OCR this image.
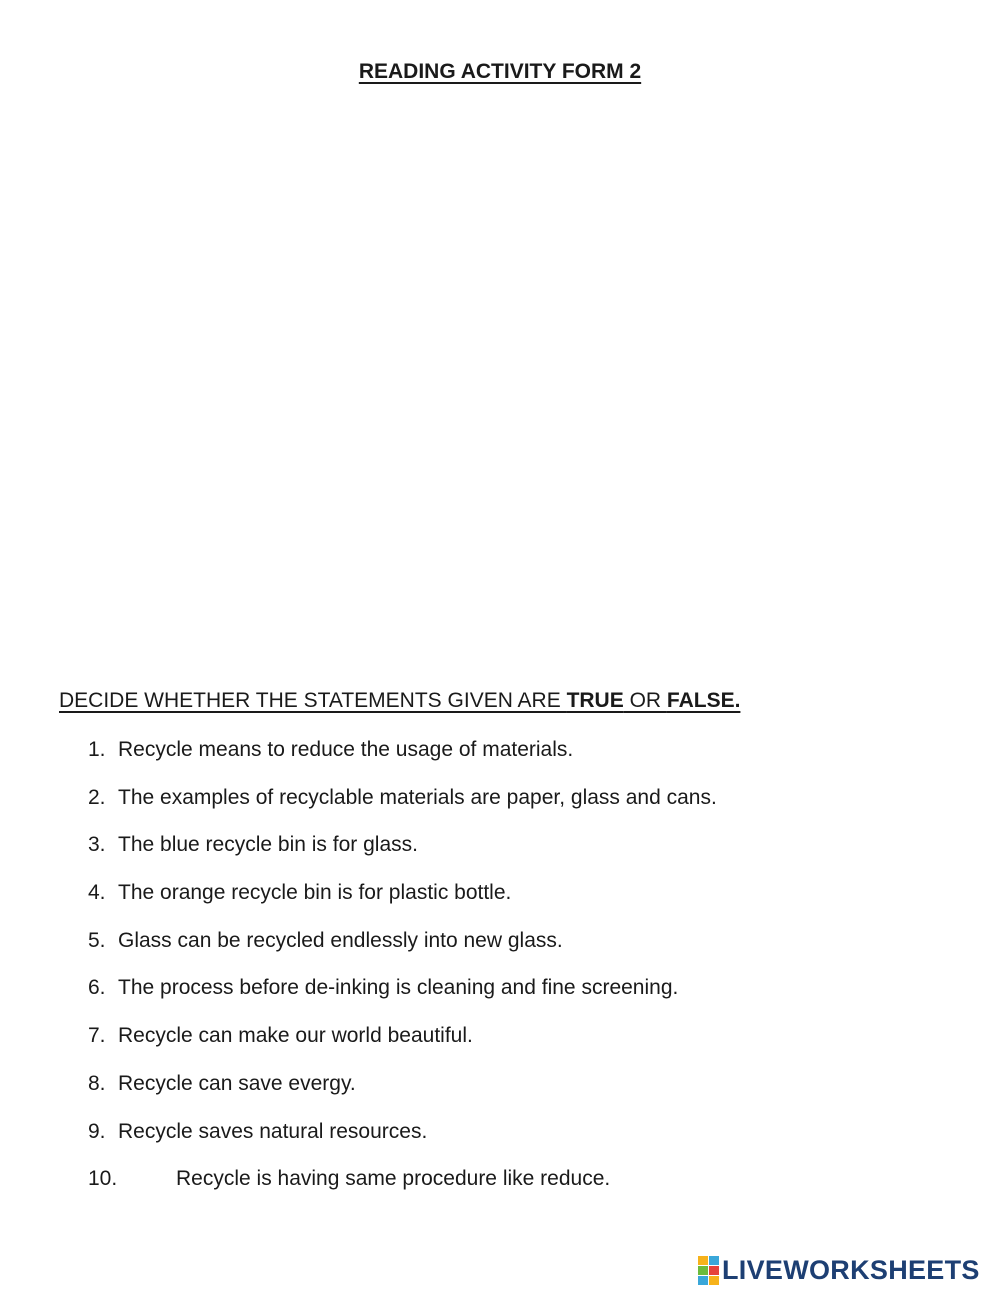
READING ACTIVITY FORM 2
DECIDE WHETHER THE STATEMENTS GIVEN ARE TRUE OR FALSE.
1. Recycle means to reduce the usage of materials.
2. The examples of recyclable materials are paper, glass and cans.
3. The blue recycle bin is for glass.
4. The orange recycle bin is for plastic bottle.
5. Glass can be recycled endlessly into new glass.
6. The process before de-inking is cleaning and fine screening.
7. Recycle can make our world beautiful.
8. Recycle can save evergy.
9. Recycle saves natural resources.
10.	Recycle is having same procedure like reduce.
LIVEWORKSHEETS
